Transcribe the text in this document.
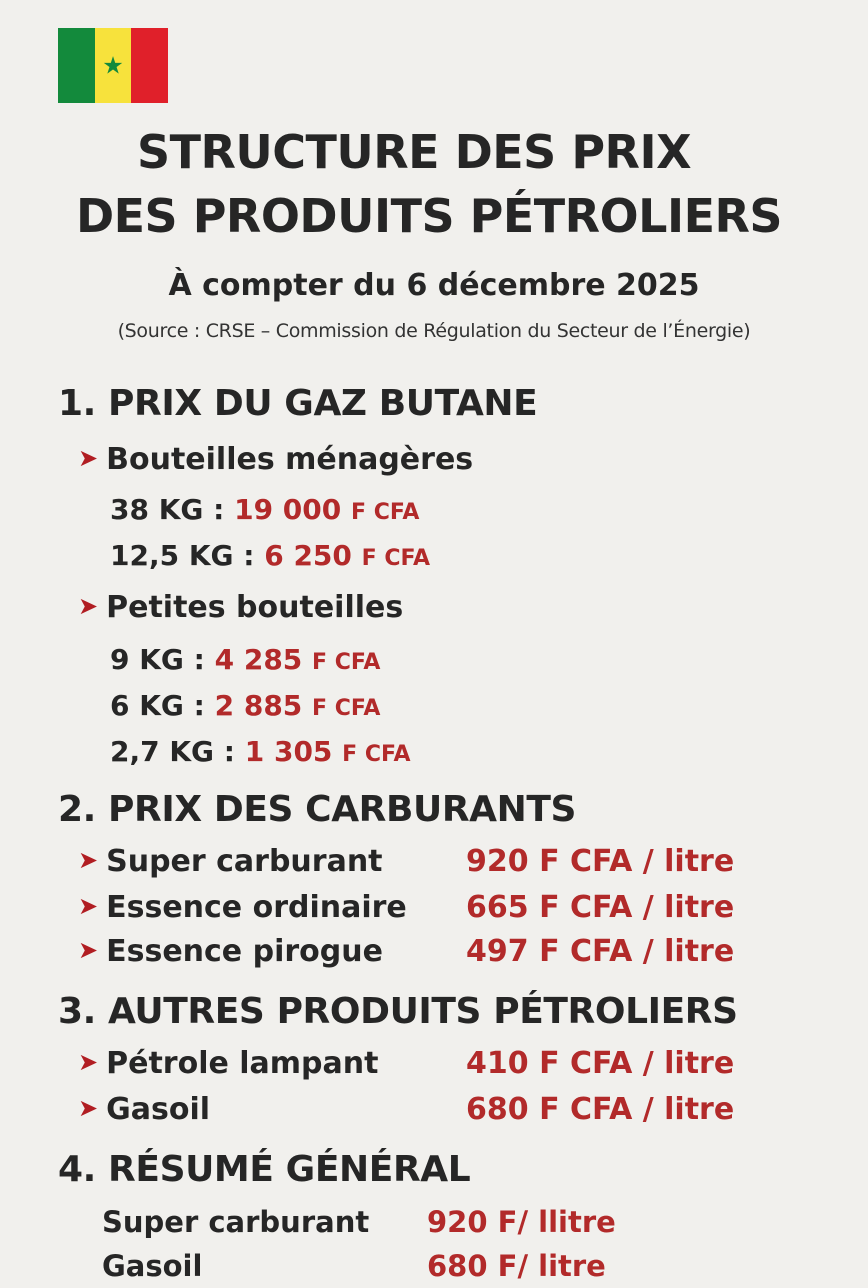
★
STRUCTURE DES PRIX
DES PRODUITS PÉTROLIERS
À compter du 6 décembre 2025
(Source : CRSE – Commission de Régulation du Secteur de l’Énergie)
1. PRIX DU GAZ BUTANE
➤ Bouteilles ménagères
38 KG : 19 000 F CFA
12,5 KG : 6 250 F CFA
➤ Petites bouteilles
9 KG : 4 285 F CFA
6 KG : 2 885 F CFA
2,7 KG : 1 305 F CFA
2. PRIX DES CARBURANTS
➤ Super carburant	920 F CFA / litre
➤ Essence ordinaire 665 F CFA / litre
➤ Essence pirogue	497 F CFA / litre
3. AUTRES PRODUITS PÉTROLIERS
➤ Pétrole lampant	410 F CFA / litre
➤ Gasoil	680 F CFA / litre
4. RÉSUMÉ GÉNÉRAL
Super carburant 920 F/ llitre
Gasoil	680 F/ litre
